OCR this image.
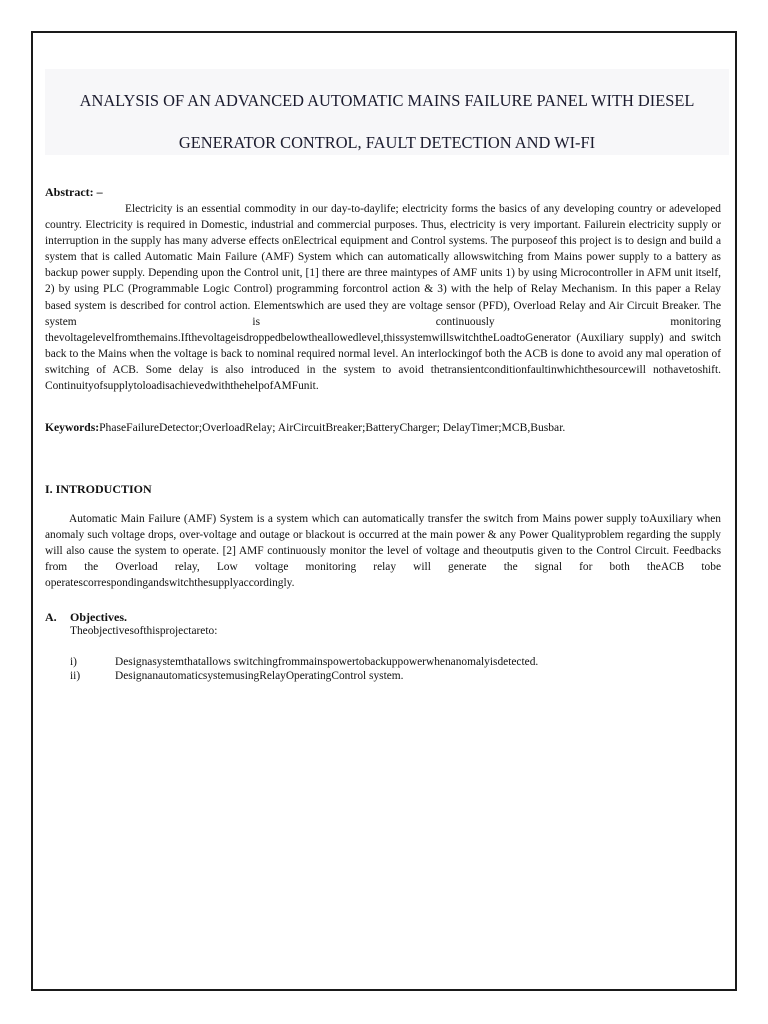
ANALYSIS OF AN ADVANCED AUTOMATIC MAINS FAILURE PANEL WITH DIESEL
GENERATOR CONTROL, FAULT DETECTION AND WI-FI
Abstract: –
Electricity is an essential commodity in our day-to-daylife; electricity forms the basics of any developing country or adeveloped country. Electricity is required in Domestic, industrial and commercial purposes. Thus, electricity is very important. Failurein electricity supply or interruption in the supply has many adverse effects onElectrical equipment and Control systems. The purposeof this project is to design and build a system that is called Automatic Main Failure (AMF) System which can automatically allowswitching from Mains power supply to a battery as backup power supply. Depending upon the Control unit, [1] there are three maintypes of AMF units 1) by using Microcontroller in AFM unit itself, 2) by using PLC (Programmable Logic Control) programming forcontrol action & 3) with the help of Relay Mechanism. In this paper a Relay based system is described for control action. Elementswhich are used they are voltage sensor (PFD), Overload Relay and Air Circuit Breaker. The system is continuously monitoring thevoltagelevelfromthemains.Ifthevoltageisdroppedbelowtheallowedlevel,thissystemwillswitchtheLoadtoGenerator (Auxiliary supply) and switch back to the Mains when the voltage is back to nominal required normal level. An interlockingof both the ACB is done to avoid any mal operation of switching of ACB. Some delay is also introduced in the system to avoid thetransientconditionfaultinwhichthesourcewill nothavetoshift. ContinuityofsupplytoloadisachievedwiththehelpofAMFunit.
Keywords:PhaseFailureDetector;OverloadRelay; AirCircuitBreaker;BatteryCharger; DelayTimer;MCB,Busbar.
I. INTRODUCTION
Automatic Main Failure (AMF) System is a system which can automatically transfer the switch from Mains power supply toAuxiliary when anomaly such voltage drops, over-voltage and outage or blackout is occurred at the main power & any Power Qualityproblem regarding the supply will also cause the system to operate. [2] AMF continuously monitor the level of voltage and theoutputis given to the Control Circuit. Feedbacks from the Overload relay, Low voltage monitoring relay will generate the signal for both theACB tobe operatescorrespondingandswitchthesupplyaccordingly.
A. Objectives.
Theobjectivesofthisprojectareto:
i)	Designasystemthatallows switchingfrommainspowertobackuppowerwhenanomalyisdetected.
ii)	DesignanautomaticsystemusingRelayOperatingControl system.
